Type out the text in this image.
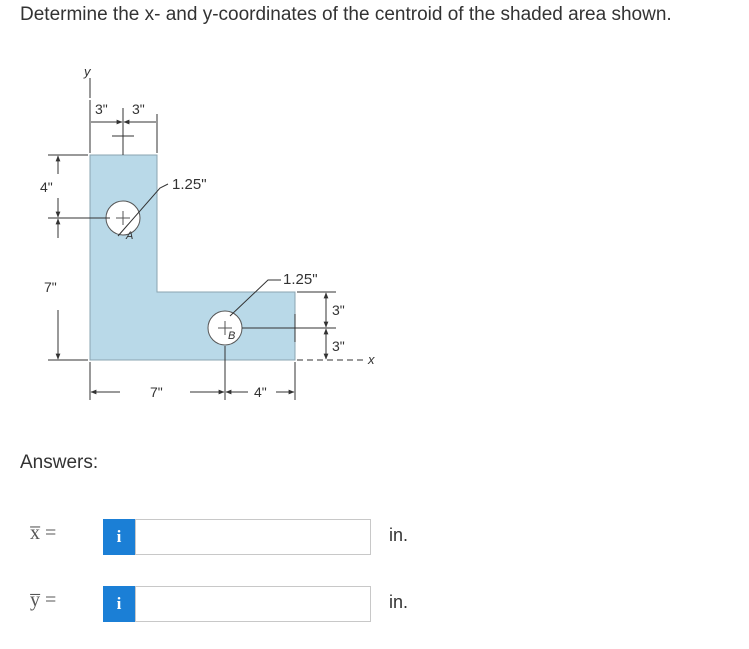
Determine the x- and y-coordinates of the centroid of the shaded area shown.
y
3" 3"
4"
7"
1.25"
A
1.25"
B
3"
3"
x
7"	4"
Answers:
x̅ =	i	in.
y̅ =	i	in.
